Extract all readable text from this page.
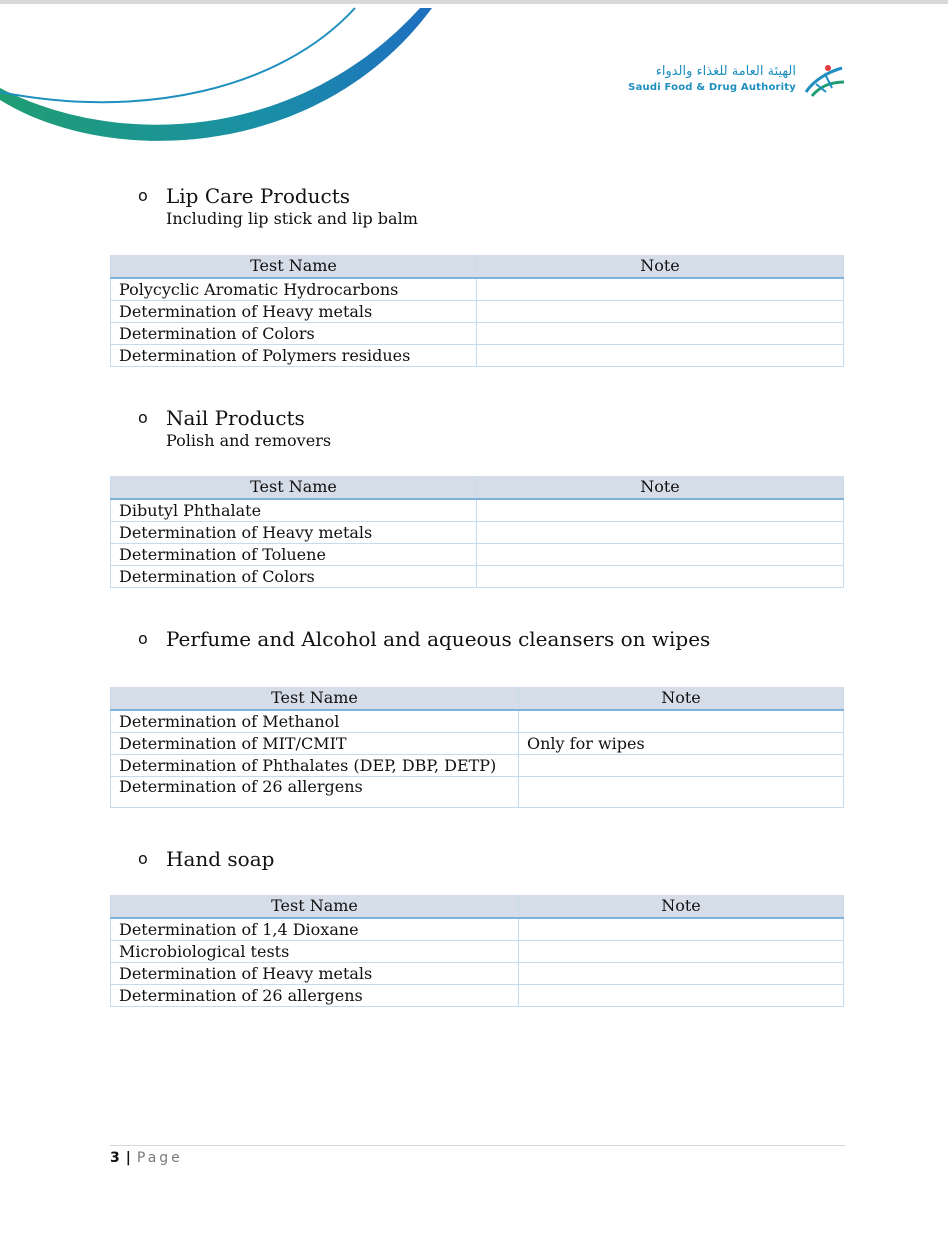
الهيئة العامة للغذاء والدواء
Saudi Food & Drug Authority
o Lip Care Products
Including lip stick and lip balm
Test Name	Note
Polycyclic Aromatic Hydrocarbons	
Determination of Heavy metals	
Determination of Colors	
Determination of Polymers residues	
o Nail Products
Polish and removers
Test Name	Note
Dibutyl Phthalate	
Determination of Heavy metals	
Determination of Toluene	
Determination of Colors	
o Perfume and Alcohol and aqueous cleansers on wipes
Test Name	Note
Determination of Methanol	
Determination of MIT/CMIT	Only for wipes
Determination of Phthalates (DEP, DBP, DETP)	
Determination of 26 allergens	
o Hand soap
Test Name	Note
Determination of 1,4 Dioxane	
Microbiological tests	
Determination of Heavy metals	
Determination of 26 allergens	
3 | Page
